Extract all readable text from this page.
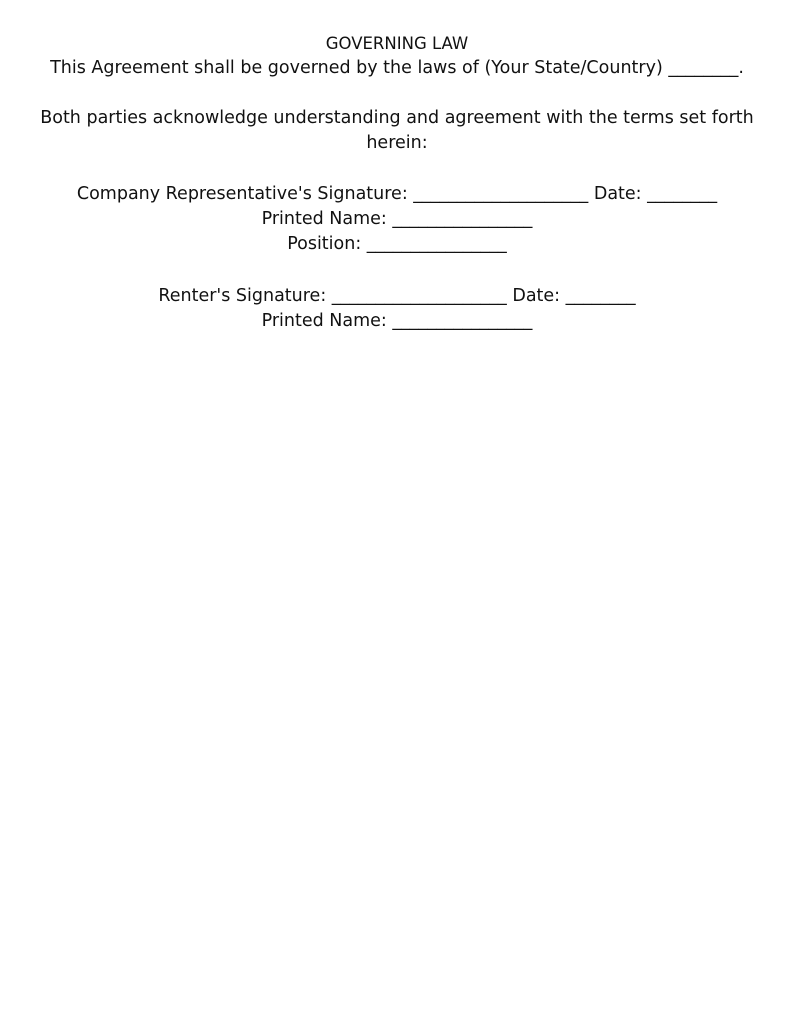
GOVERNING LAW
This Agreement shall be governed by the laws of (Your State/Country) ________.
Both parties acknowledge understanding and agreement with the terms set forth
herein:
Company Representative's Signature: ____________________ Date: ________
Printed Name: ________________
Position: ________________
Renter's Signature: ____________________ Date: ________
Printed Name: ________________
